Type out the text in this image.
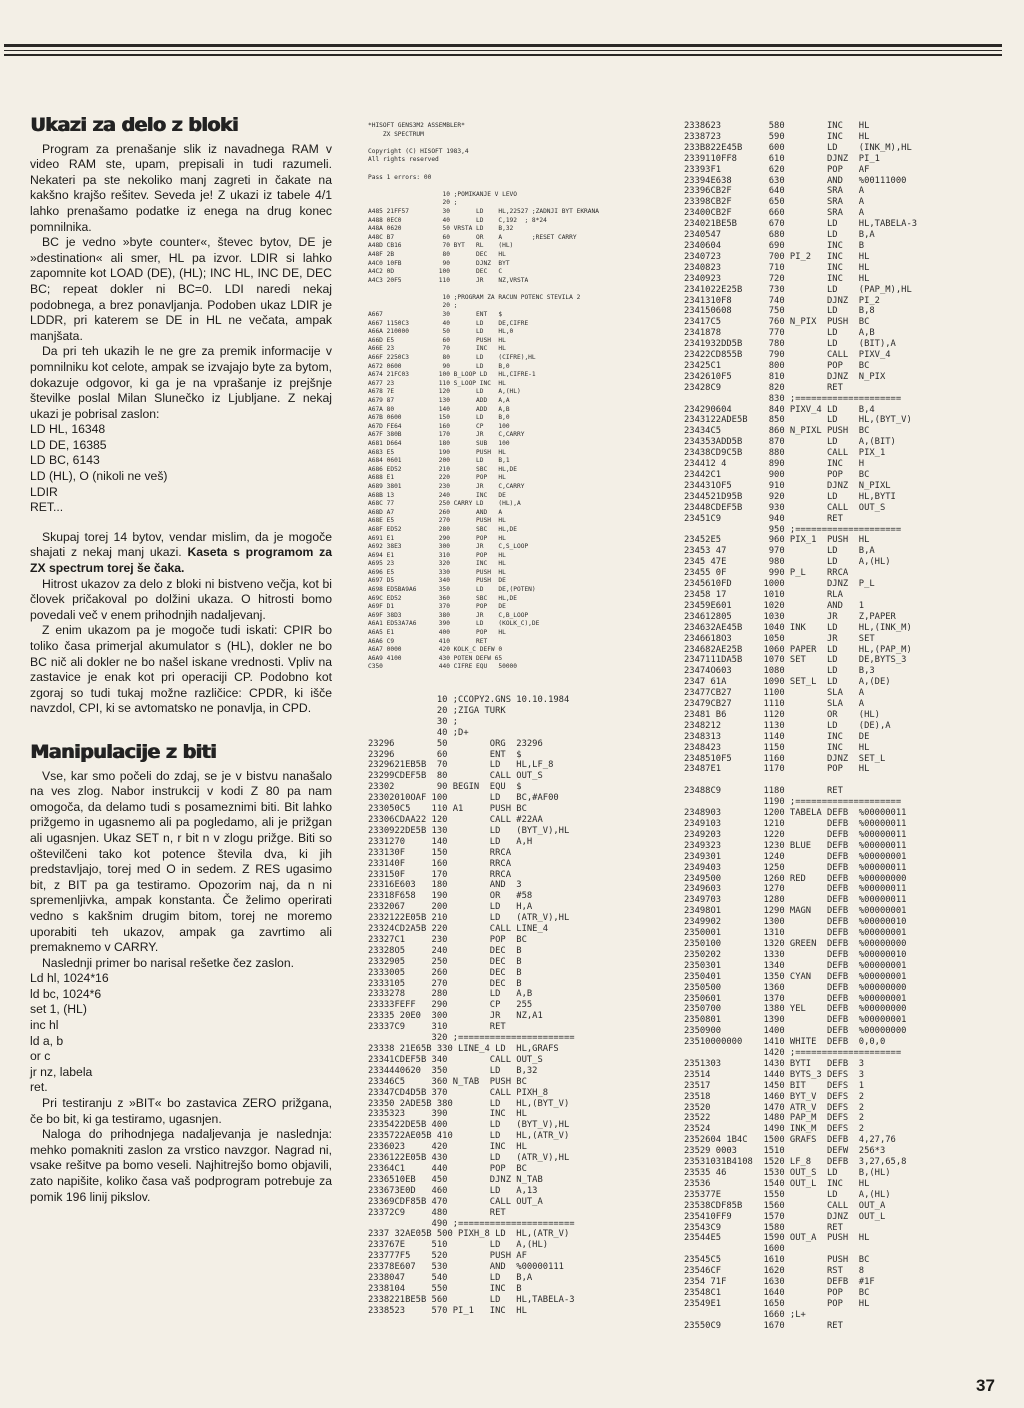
Ukazi za delo z bloki

Program za prenašanje slik iz navadnega RAM v video RAM ste, upam, prepisali in tudi razumeli. Nekateri pa ste nekoliko manj zagreti in čakate na kakšno krajšo rešitev. Seveda je! Z ukazi iz tabele 4/1 lahko prenašamo podatke iz enega na drug konec pomnilnika.

BC je vedno »byte counter«, števec bytov, DE je »destination« ali smer, HL pa izvor. LDIR si lahko zapomnite kot LOAD (DE), (HL); INC HL, INC DE, DEC BC; repeat dokler ni BC=0. LDI naredi nekaj podobnega, a brez ponavljanja. Podoben ukaz LDIR je LDDR, pri katerem se DE in HL ne večata, ampak manjšata.

Da pri teh ukazih le ne gre za premik informacije v pomnilniku kot celote, ampak se izvajajo byte za bytom, dokazuje odgovor, ki ga je na vprašanje iz prejšnje številke poslal Milan Slunečko iz Ljubljane. Z nekaj ukazi je pobrisal zaslon:

LD HL, 16348

LD DE, 16385

LD BC, 6143

LD (HL), O (nikoli ne veš)

LDIR

RET...

Skupaj torej 14 bytov, vendar mislim, da je mogoče shajati z nekaj manj ukazi. Kaseta s programom za ZX spectrum torej še čaka.

Hitrost ukazov za delo z bloki ni bistveno večja, kot bi človek pričakoval po dolžini ukaza. O hitrosti bomo povedali več v enem prihodnjih nadaljevanj.

Z enim ukazom pa je mogoče tudi iskati: CPIR bo toliko časa primerjal akumulator s (HL), dokler ne bo BC nič ali dokler ne bo našel iskane vrednosti. Vpliv na zastavice je enak kot pri operaciji CP. Podobno kot zgoraj so tudi tukaj možne različice: CPDR, ki išče navzdol, CPI, ki se avtomatsko ne ponavlja, in CPD.

Manipulacije z biti

Vse, kar smo počeli do zdaj, se je v bistvu nanašalo na ves zlog. Nabor instrukcij v kodi Z 80 pa nam omogoča, da delamo tudi s posameznimi biti. Bit lahko prižgemo in ugasnemo ali pa pogledamo, ali je prižgan ali ugasnjen. Ukaz SET n, r bit n v zlogu prižge. Biti so oštevilčeni tako kot potence števila dva, ki jih predstavljajo, torej med O in sedem. Z RES ugasimo bit, z BIT pa ga testiramo. Opozorim naj, da n ni spremenljivka, ampak konstanta. Če želimo operirati vedno s kakšnim drugim bitom, torej ne moremo uporabiti teh ukazov, ampak ga zavrtimo ali premaknemo v CARRY.

Naslednji primer bo narisal rešetke čez zaslon.

Ld hl, 1024*16

ld bc, 1024*6

set 1, (HL)

inc hl

ld a, b

or c

jr nz, labela

ret.

Pri testiranju z »BIT« bo zastavica ZERO prižgana, če bo bit, ki ga testiramo, ugasnjen.

Naloga do prihodnjega nadaljevanja je naslednja: mehko pomakniti zaslon za vrstico navzgor. Nagrad ni, vsake rešitve pa bomo veseli. Najhitrejšo bomo objavili, zato napišite, koliko časa vaš podprogram potrebuje za pomik 196 linij pikslov.

*HISOFT GENS3M2 ASSEMBLER*
ZX SPECTRUM

Copyright (C) HISOFT 1983,4
All rights reserved

Pass 1 errors: 00

10 ;POMIKANJE V LEVO
20 ;
A485 21FF57         30       LD    HL,22527 ;ZADNJI BYT EKRANA
A488 0EC0           40       LD    C,192  ; 8*24
A48A 0620           50 VRSTA LD    B,32
A48C B7             60       OR    A        ;RESET CARRY
A48D CB16           70 BYT   RL    (HL)
A48F 2B             80       DEC   HL
A4C0 10FB           90       DJNZ  BYT
A4C2 0D            100       DEC   C
A4C3 20F5          110       JR    NZ,VRSTA

10 ;PROGRAM ZA RACUN POTENC STEVILA 2
20 ;
A667                30       ENT   $
A667 1150C3         40       LD    DE,CIFRE
A66A 210000         50       LD    HL,0
A66D E5             60       PUSH  HL
A66E 23             70       INC   HL
A66F 2250C3         80       LD    (CIFRE),HL
A672 0600           90       LD    B,0
A674 21FC03        100 B_LOOP LD   HL,CIFRE-1
A677 23            110 S_LOOP INC  HL
A678 7E            120       LD    A,(HL)
A679 87            130       ADD   A,A
A67A 80            140       ADD   A,B
A67B 0600          150       LD    B,0
A67D FE64          160       CP    100
A67F 380B          170       JR    C,CARRY
A681 D664          180       SUB   100
A683 E5            190       PUSH  HL
A684 0601          200       LD    B,1
A686 ED52          210       SBC   HL,DE
A688 E1            220       POP   HL
A689 3801          230       JR    C,CARRY
A68B 13            240       INC   DE
A68C 77            250 CARRY LD    (HL),A
A68D A7            260       AND   A
A68E E5            270       PUSH  HL
A68F ED52          280       SBC   HL,DE
A691 E1            290       POP   HL
A692 38E3          300       JR    C,S_LOOP
A694 E1            310       POP   HL
A695 23            320       INC   HL
A696 E5            330       PUSH  HL
A697 D5            340       PUSH  DE
A698 ED5BA9A6      350       LD    DE,(POTEN)
A69C ED52          360       SBC   HL,DE
A69F D1            370       POP   DE
A69F 38D3          380       JR    C,B_LOOP
A6A1 ED53A7A6      390       LD    (KOLK_C),DE
A6A5 E1            400       POP   HL
A6A6 C9            410       RET
A6A7 0000          420 KOLK_C DEFW 0
A6A9 4100          430 POTEN DEFW 65
C350               440 CIFRE EQU   50000
10 ;CCOPY2.GNS 10.10.1984
20 ;ZIGA TURK
30 ;
40 ;D+
23296        50        ORG  23296
23296        60        ENT  $
2329621EB5B  70        LD   HL,LF_8
23299CDEF5B  80        CALL OUT_S
23302        90 BEGIN  EQU  $
23302010OAF 100        LD   BC,#AF00
233050C5    110 A1     PUSH BC
23306CDAA22 120        CALL #22AA
2330922DE5B 130        LD   (BYT_V),HL
2331270     140        LD   A,H
233130F     150        RRCA
233140F     160        RRCA
233150F     170        RRCA
23316E603   180        AND  3
23318F658   190        OR   #58
2332067     200        LD   H,A
2332122E05B 210        LD   (ATR_V),HL
23324CD2A5B 220        CALL LINE_4
23327C1     230        POP  BC
23328O5     240        DEC  B
2332905     250        DEC  B
2333005     260        DEC  B
2333105     270        DEC  B
2333278     280        LD   A,B
23333FEFF   290        CP   255
23335 20E0  300        JR   NZ,A1
23337C9     310        RET
320 ;======================
23338 21E65B 330 LINE_4 LD  HL,GRAFS
23341CDEF5B 340        CALL OUT_S
2334440620  350        LD   B,32
23346C5     360 N_TAB  PUSH BC
23347CD4D5B 370        CALL PIXH_8
23350 2ADE5B 380       LD   HL,(BYT_V)
2335323     390        INC  HL
2335422DE5B 400        LD   (BYT_V),HL
2335722AE05B 410       LD   HL,(ATR_V)
2336023     420        INC  HL
2336122E05B 430        LD   (ATR_V),HL
23364C1     440        POP  BC
2336510EB   450        DJNZ N_TAB
233673E0D   460        LD   A,13
23369CDF85B 470        CALL OUT_A
23372C9     480        RET
490 ;======================
2337 32AE05B 500 PIXH_8 LD  HL,(ATR_V)
233767E     510        LD   A,(HL)
233777F5    520        PUSH AF
23378E607   530        AND  %00000111
2338047     540        LD   B,A
2338104     550        INC  B
2338221BE5B 560        LD   HL,TABELA-3
2338523     570 PI_1   INC  HL
2338623         580        INC   HL
2338723         590        INC   HL
233B822E45B     600        LD    (INK_M),HL
2339110FF8      610        DJNZ  PI_1
23393F1         620        POP   AF
23394E638       630        AND   %00111000
23396CB2F       640        SRA   A
23398CB2F       650        SRA   A
23400CB2F       660        SRA   A
234021BE5B      670        LD    HL,TABELA-3
2340547         680        LD    B,A
2340604         690        INC   B
2340723         700 PI_2   INC   HL
2340823         710        INC   HL
2340923         720        INC   HL
2341022E25B     730        LD    (PAP_M),HL
2341310F8       740        DJNZ  PI_2
234150608       750        LD    B,8
23417C5         760 N_PIX  PUSH  BC
2341878         770        LD    A,B
2341932DD5B     780        LD    (BIT),A
23422CD855B     790        CALL  PIXV_4
23425C1         800        POP   BC
2342610F5       810        DJNZ  N_PIX
23428C9         820        RET
830 ;====================
234290604       840 PIXV_4 LD    B,4
2343122ADE5B    850        LD    HL,(BYT_V)
23434C5         860 N_PIXL PUSH  BC
234353ADD5B     870        LD    A,(BIT)
23438CD9C5B     880        CALL  PIX_1
234412 4        890        INC   H
23442C1         900        POP   BC
234431OF5       910        DJNZ  N_PIXL
2344521D95B     920        LD    HL,BYTI
23448CDEF5B     930        CALL  OUT_S
23451C9         940        RET
950 ;====================
23452E5         960 PIX_1  PUSH  HL
23453 47        970        LD    B,A
2345 47E        980        LD    A,(HL)
23455 0F        990 P_L    RRCA
2345610FD      1000        DJNZ  P_L
23458 17       1010        RLA
23459E601      1020        AND   1
234612805      1030        JR    Z,PAPER
234632AE45B    1040 INK    LD    HL,(INK_M)
2346618O3      1050        JR    SET
234682AE25B    1060 PAPER  LD    HL,(PAP_M)
2347111DA5B    1070 SET    LD    DE,BYTS_3
23474O603      1080        LD    B,3
2347 61A       1090 SET_L  LD    A,(DE)
23477CB27      1100        SLA   A
23479CB27      1110        SLA   A
23481 B6       1120        OR    (HL)
2348212        1130        LD    (DE),A
2348313        1140        INC   DE
2348423        1150        INC   HL
2348510F5      1160        DJNZ  SET_L
23487E1        1170        POP   HL

23488C9        1180        RET
1190 ;====================
2348903        1200 TABELA DEFB  %00000011
2349103        1210        DEFB  %00000011
2349203        1220        DEFB  %00000011
2349323        1230 BLUE   DEFB  %00000011
2349301        1240        DEFB  %00000001
2349403        1250        DEFB  %00000011
2349500        1260 RED    DEFB  %00000000
2349603        1270        DEFB  %00000011
2349703        1280        DEFB  %00000011
23498O1        1290 MAGN   DEFB  %00000001
2349902        1300        DEFB  %00000010
2350001        1310        DEFB  %00000001
2350100        1320 GREEN  DEFB  %00000000
2350202        1330        DEFB  %00000010
2350301        1340        DEFB  %00000001
2350401        1350 CYAN   DEFB  %00000001
2350500        1360        DEFB  %00000000
2350601        1370        DEFB  %00000001
2350700        1380 YEL    DEFB  %00000000
2350801        1390        DEFB  %00000001
2350900        1400        DEFB  %00000000
23510000000    1410 WHITE  DEFB  0,0,0
1420 ;====================
2351303        1430 BYTI   DEFB  3
23514          1440 BYTS_3 DEFS  3
23517          1450 BIT    DEFS  1
23518          1460 BYT_V  DEFS  2
23520          1470 ATR_V  DEFS  2
23522          1480 PAP_M  DEFS  2
23524          1490 INK_M  DEFS  2
2352604 1B4C   1500 GRAFS  DEFB  4,27,76
23529 0003     1510        DEFW  256*3
23531031B4108  1520 LF_8   DEFB  3,27,65,8
23535 46       1530 OUT_S  LD    B,(HL)
23536          1540 OUT_L  INC   HL
235377E        1550        LD    A,(HL)
23538CDF85B    1560        CALL  OUT_A
235410FF9      1570        DJNZ  OUT_L
23543C9        1580        RET
23544E5        1590 OUT_A  PUSH  HL
1600
23545C5        1610        PUSH  BC
23546CF        1620        RST   8
2354 71F       1630        DEFB  #1F
23548C1        1640        POP   BC
23549E1        1650        POP   HL
1660 ;L+
23550C9        1670        RET
37
